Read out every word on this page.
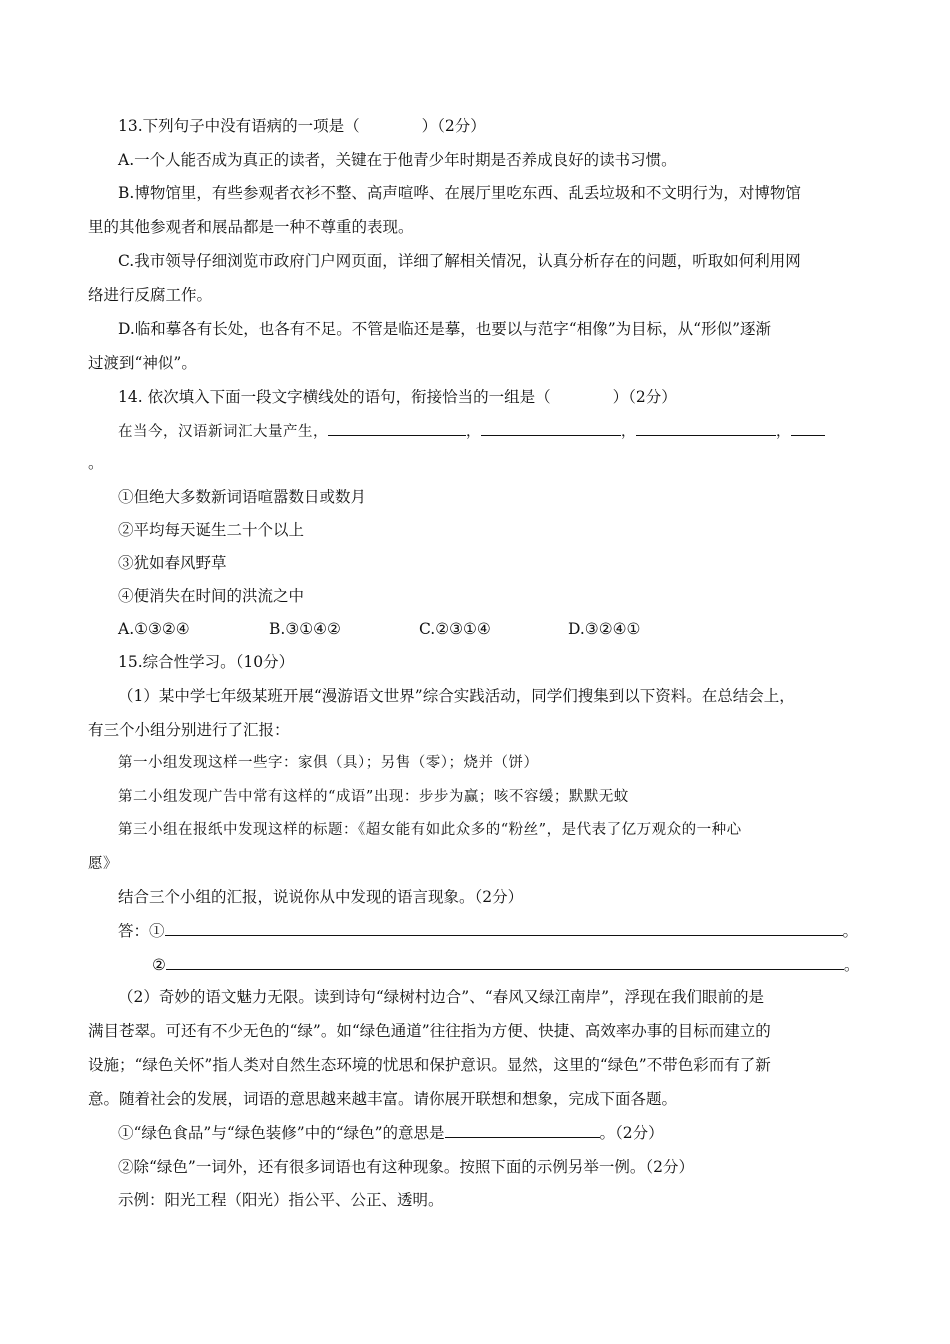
13.下列句子中没有语病的一项是（　　　　）（2分）
A.一个人能否成为真正的读者，关键在于他青少年时期是否养成良好的读书习惯。
B.博物馆里，有些参观者衣衫不整、高声喧哗、在展厅里吃东西、乱丢垃圾和不文明行为，对博物馆
里的其他参观者和展品都是一种不尊重的表现。
C.我市领导仔细浏览市政府门户网页面，详细了解相关情况，认真分析存在的问题，听取如何利用网
络进行反腐工作。
D.临和摹各有长处，也各有不足。不管是临还是摹，也要以与范字“相像”为目标，从“形似”逐渐
过渡到“神似”。
14. 依次填入下面一段文字横线处的语句，衔接恰当的一组是（　　　　）（2分）
在当今，汉语新词汇大量产生，	，	，	，
。
①但绝大多数新词语喧嚣数日或数月
②平均每天诞生二十个以上
③犹如春风野草
④便消失在时间的洪流之中
A.①③②④	B.③①④②	C.②③①④	D.③②④①
15.综合性学习。（10分）
（1）某中学七年级某班开展“漫游语文世界”综合实践活动，同学们搜集到以下资料。在总结会上，
有三个小组分别进行了汇报：
第一小组发现这样一些字：家俱（具）；另售（零）；烧并（饼）
第二小组发现广告中常有这样的“成语”出现：步步为赢；咳不容缓；默默无蚊
第三小组在报纸中发现这样的标题：《超女能有如此众多的“粉丝”，是代表了亿万观众的一种心
愿》
结合三个小组的汇报，说说你从中发现的语言现象。（2分）
答：①	。
②	。
（2）奇妙的语文魅力无限。读到诗句“绿树村边合”、“春风又绿江南岸”，浮现在我们眼前的是
满目苍翠。可还有不少无色的“绿”。如“绿色通道”往往指为方便、快捷、高效率办事的目标而建立的
设施；“绿色关怀”指人类对自然生态环境的忧思和保护意识。显然，这里的“绿色”不带色彩而有了新
意。随着社会的发展，词语的意思越来越丰富。请你展开联想和想象，完成下面各题。
①“绿色食品”与“绿色装修”中的“绿色”的意思是	。（2分）
②除“绿色”一词外，还有很多词语也有这种现象。按照下面的示例另举一例。（2分）
示例：阳光工程（阳光）指公平、公正、透明。
